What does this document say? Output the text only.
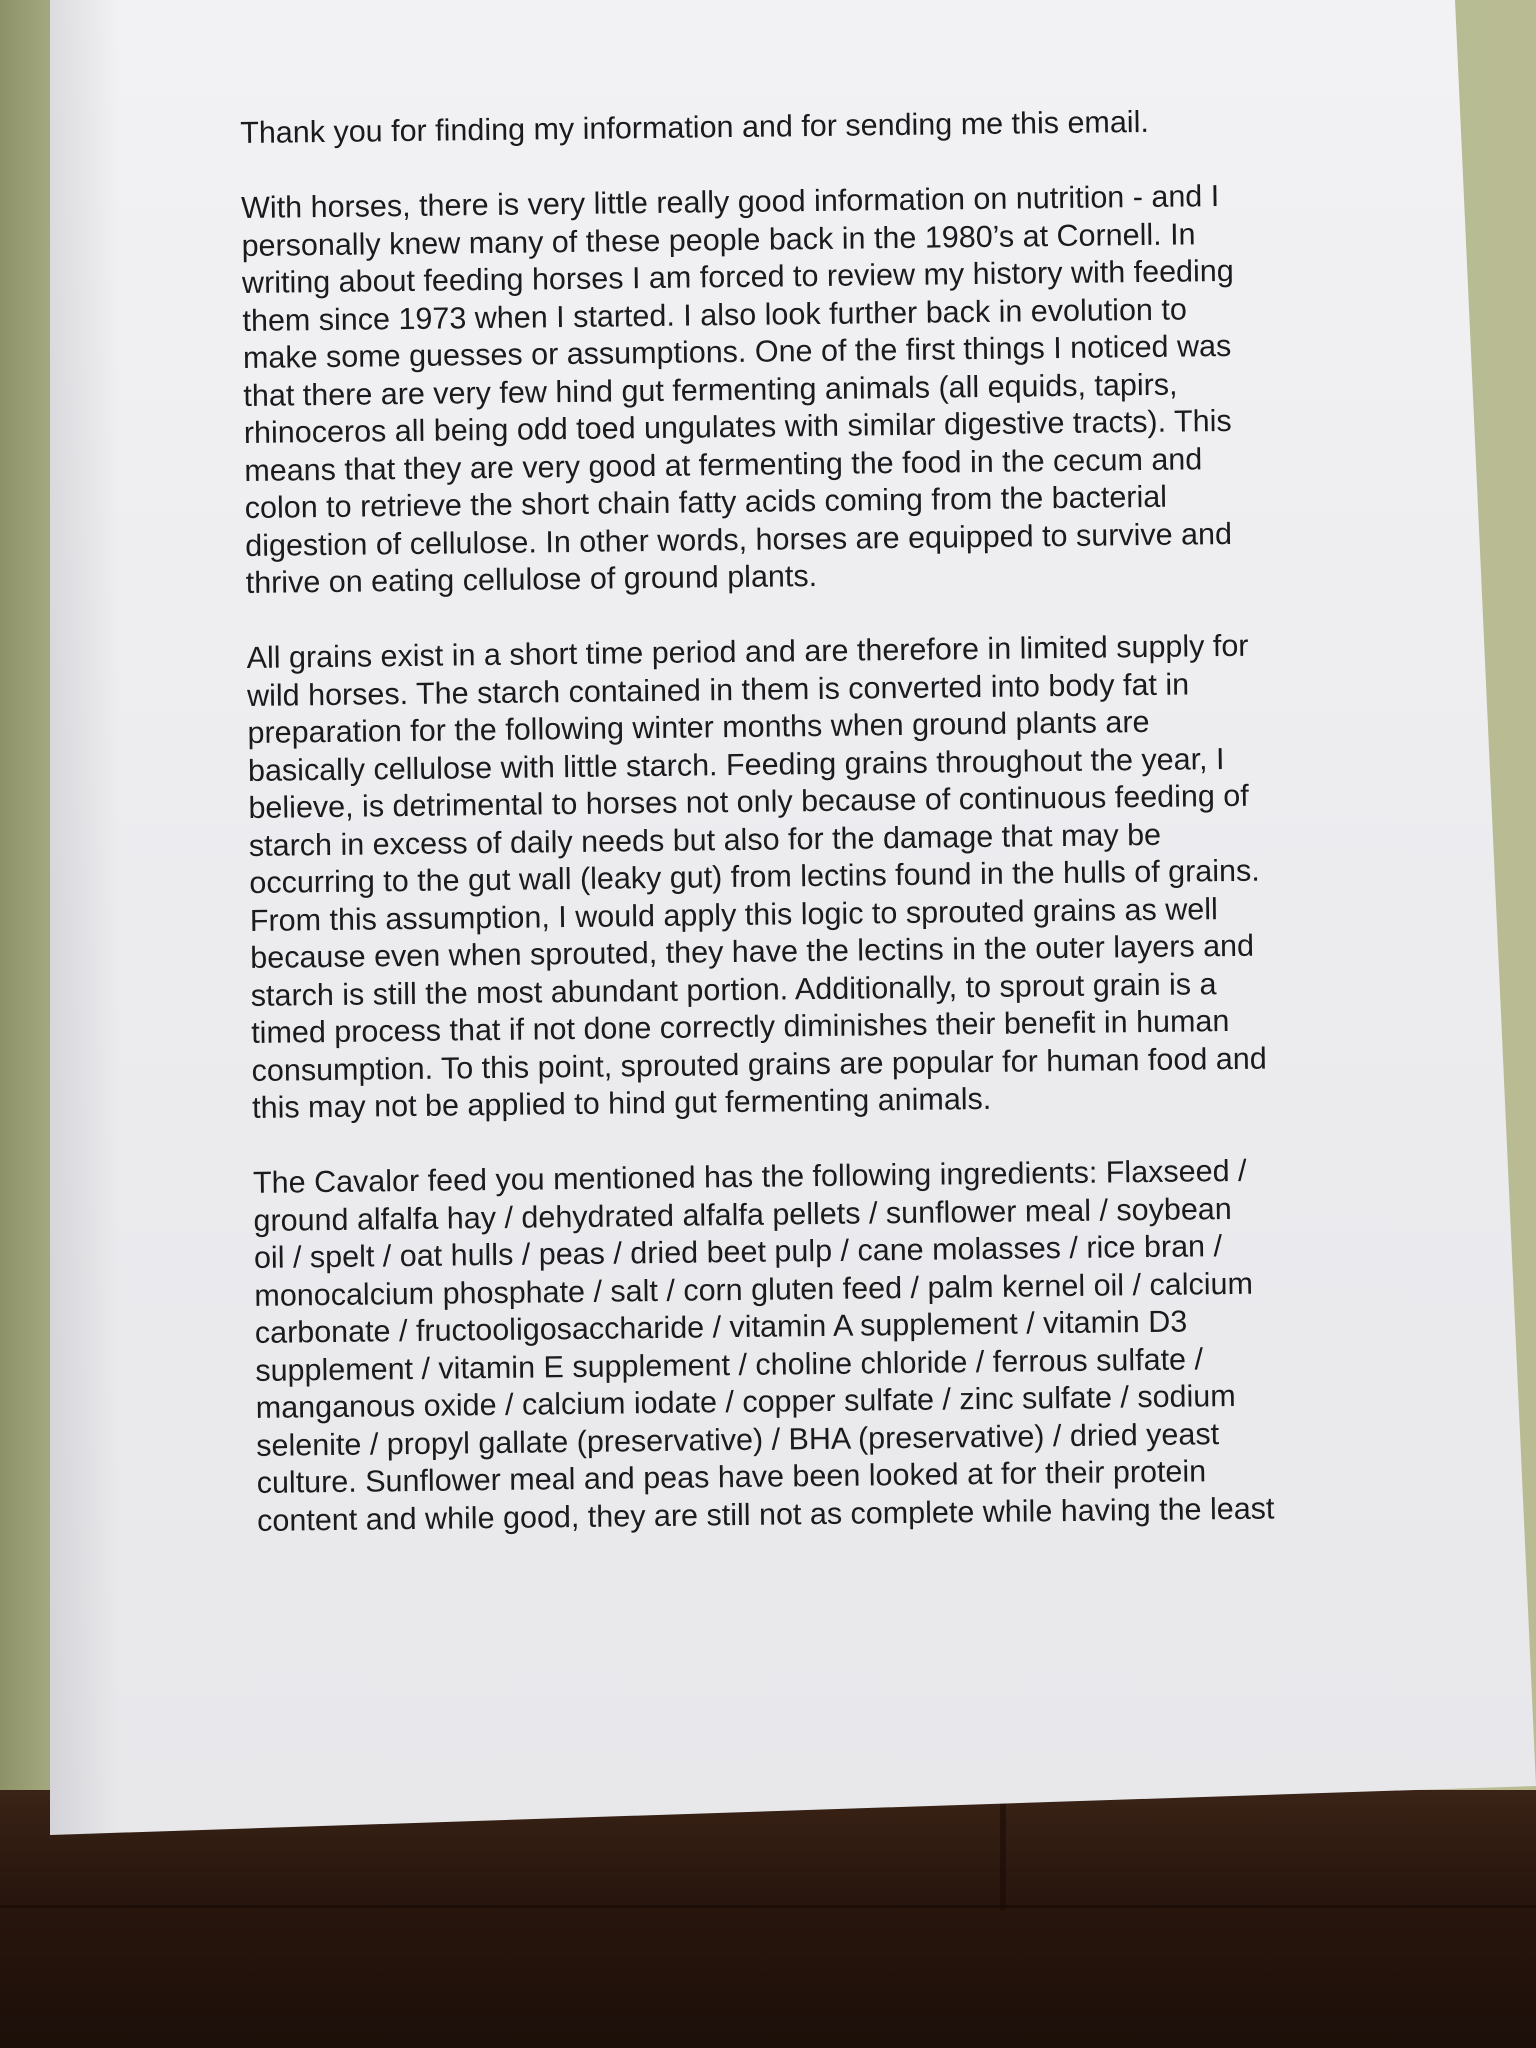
Thank you for finding my information and for sending me this email.

With horses, there is very little really good information on nutrition - and I
personally knew many of these people back in the 1980’s at Cornell. In
writing about feeding horses I am forced to review my history with feeding
them since 1973 when I started. I also look further back in evolution to
make some guesses or assumptions. One of the first things I noticed was
that there are very few hind gut fermenting animals (all equids, tapirs,
rhinoceros all being odd toed ungulates with similar digestive tracts). This
means that they are very good at fermenting the food in the cecum and
colon to retrieve the short chain fatty acids coming from the bacterial
digestion of cellulose. In other words, horses are equipped to survive and
thrive on eating cellulose of ground plants.

All grains exist in a short time period and are therefore in limited supply for
wild horses. The starch contained in them is converted into body fat in
preparation for the following winter months when ground plants are
basically cellulose with little starch. Feeding grains throughout the year, I
believe, is detrimental to horses not only because of continuous feeding of
starch in excess of daily needs but also for the damage that may be
occurring to the gut wall (leaky gut) from lectins found in the hulls of grains.
From this assumption, I would apply this logic to sprouted grains as well
because even when sprouted, they have the lectins in the outer layers and
starch is still the most abundant portion. Additionally, to sprout grain is a
timed process that if not done correctly diminishes their benefit in human
consumption. To this point, sprouted grains are popular for human food and
this may not be applied to hind gut fermenting animals.

The Cavalor feed you mentioned has the following ingredients: Flaxseed /
ground alfalfa hay / dehydrated alfalfa pellets / sunflower meal / soybean
oil / spelt / oat hulls / peas / dried beet pulp / cane molasses / rice bran /
monocalcium phosphate / salt / corn gluten feed / palm kernel oil / calcium
carbonate / fructooligosaccharide / vitamin A supplement / vitamin D3
supplement / vitamin E supplement / choline chloride / ferrous sulfate /
manganous oxide / calcium iodate / copper sulfate / zinc sulfate / sodium
selenite / propyl gallate (preservative) / BHA (preservative) / dried yeast
culture. Sunflower meal and peas have been looked at for their protein
content and while good, they are still not as complete while having the least
